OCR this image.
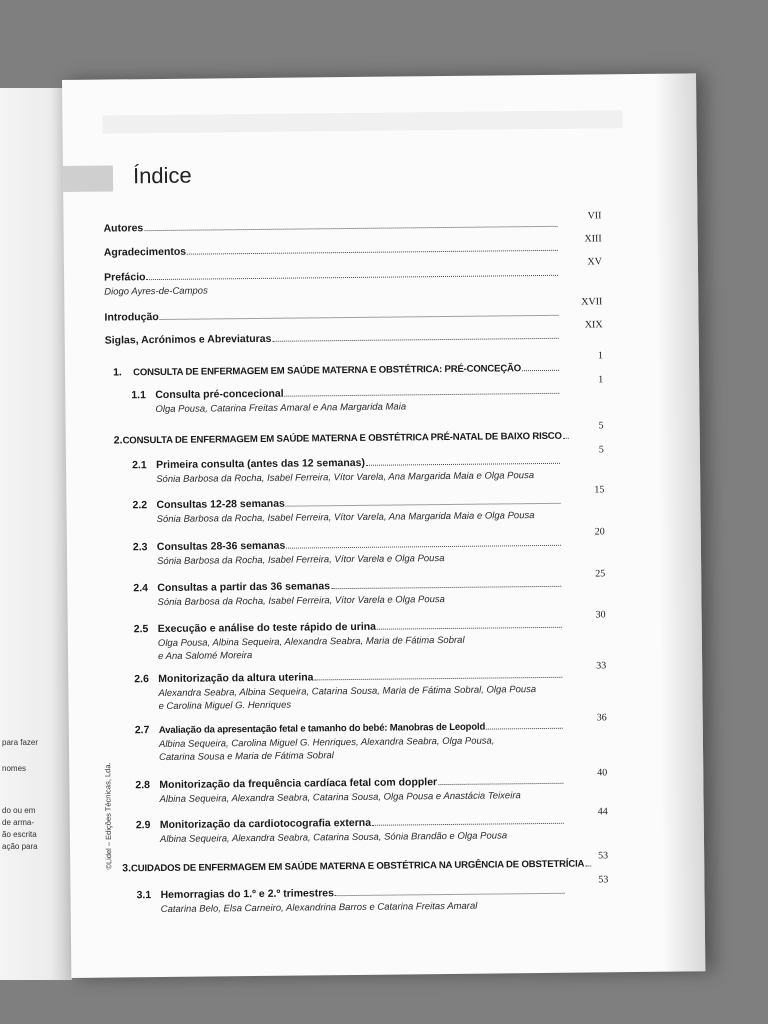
para fazer
nomes
do ou em
de arma-
ão escrita
ação para
Índice
Autores
VII
Agradecimentos
XIII
Prefácio
XV
Diogo Ayres-de-Campos
Introdução
XVII
Siglas, Acrónimos e Abreviaturas
XIX
1.	CONSULTA DE ENFERMAGEM EM SAÚDE MATERNA E OBSTÉTRICA: PRÉ-CONCEÇÃO
1
1.1 Consulta pré-concecional
1
Olga Pousa, Catarina Freitas Amaral e Ana Margarida Maia
2. CONSULTA DE ENFERMAGEM EM SAÚDE MATERNA E OBSTÉTRICA PRÉ-NATAL DE BAIXO RISCO
5
2.1 Primeira consulta (antes das 12 semanas)
5
Sónia Barbosa da Rocha, Isabel Ferreira, Vítor Varela, Ana Margarida Maia e Olga Pousa
2.2 Consultas 12-28 semanas
15
Sónia Barbosa da Rocha, Isabel Ferreira, Vítor Varela, Ana Margarida Maia e Olga Pousa
2.3 Consultas 28-36 semanas
20
Sónia Barbosa da Rocha, Isabel Ferreira, Vítor Varela e Olga Pousa
2.4 Consultas a partir das 36 semanas
25
Sónia Barbosa da Rocha, Isabel Ferreira, Vítor Varela e Olga Pousa
2.5 Execução e análise do teste rápido de urina
30
Olga Pousa, Albina Sequeira, Alexandra Seabra, Maria de Fátima Sobral
e Ana Salomé Moreira
2.6 Monitorização da altura uterina
33
Alexandra Seabra, Albina Sequeira, Catarina Sousa, Maria de Fátima Sobral, Olga Pousa
e Carolina Miguel G. Henriques
2.7 Avaliação da apresentação fetal e tamanho do bebé: Manobras de Leopold
36
Albina Sequeira, Carolina Miguel G. Henriques, Alexandra Seabra, Olga Pousa,
Catarina Sousa e Maria de Fátima Sobral
2.8 Monitorização da frequência cardíaca fetal com doppler
40
Albina Sequeira, Alexandra Seabra, Catarina Sousa, Olga Pousa e Anastácia Teixeira
2.9 Monitorização da cardiotocografia externa
44
Albina Sequeira, Alexandra Seabra, Catarina Sousa, Sónia Brandão e Olga Pousa
3. CUIDADOS DE ENFERMAGEM EM SAÚDE MATERNA E OBSTÉTRICA NA URGÊNCIA DE OBSTETRÍCIA
53
3.1 Hemorragias do 1.º e 2.º trimestres
53
Catarina Belo, Elsa Carneiro, Alexandrina Barros e Catarina Freitas Amaral
©Lidel – Edições Técnicas, Lda.
